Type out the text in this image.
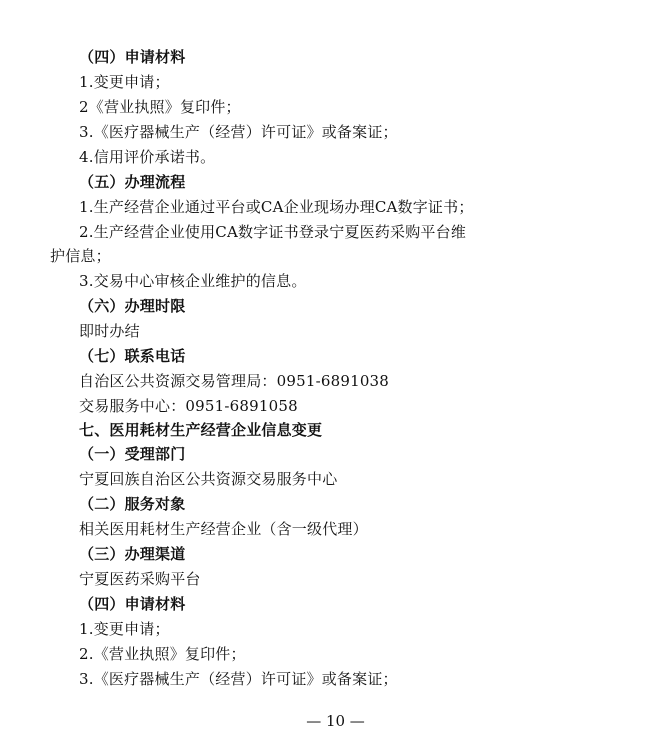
（四）申请材料
1.变更申请；
2《营业执照》复印件；
3.《医疗器械生产（经营）许可证》或备案证；
4.信用评价承诺书。
（五）办理流程
1.生产经营企业通过平台或CA企业现场办理CA数字证书；
2.生产经营企业使用CA数字证书登录宁夏医药采购平台维
护信息；
3.交易中心审核企业维护的信息。
（六）办理时限
即时办结
（七）联系电话
自治区公共资源交易管理局：0951-6891038
交易服务中心：0951-6891058
七、医用耗材生产经营企业信息变更
（一）受理部门
宁夏回族自治区公共资源交易服务中心
（二）服务对象
相关医用耗材生产经营企业（含一级代理）
（三）办理渠道
宁夏医药采购平台
（四）申请材料
1.变更申请；
2.《营业执照》复印件；
3.《医疗器械生产（经营）许可证》或备案证；
— 10 —
